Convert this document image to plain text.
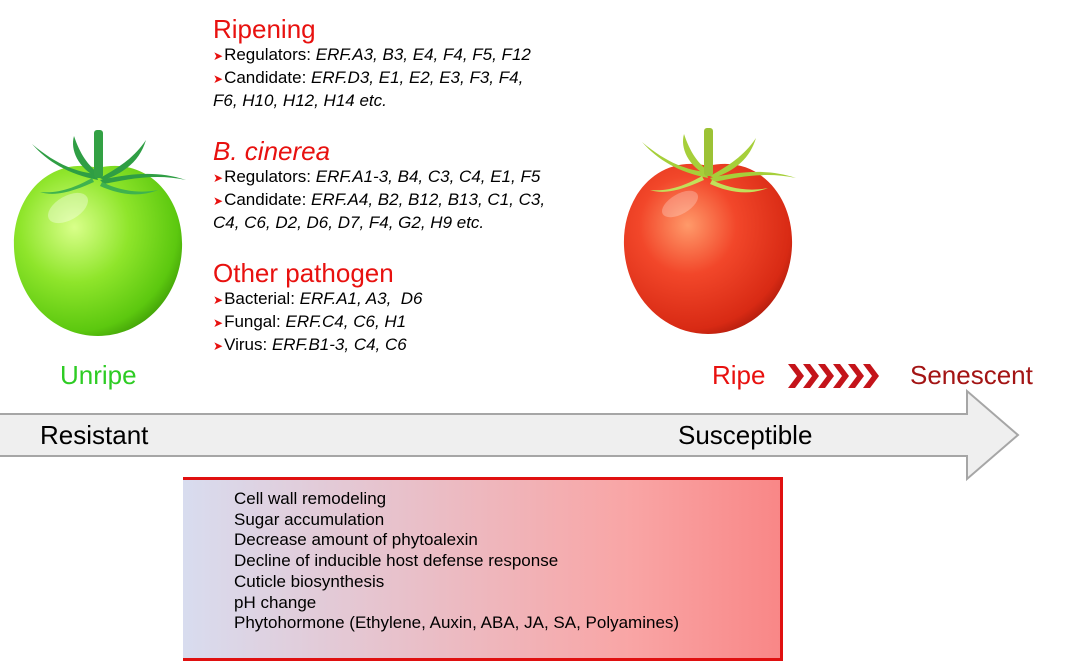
Ripening
➤Regulators: ERF.A3, B3, E4, F4, F5, F12
➤Candidate: ERF.D3, E1, E2, E3, F3, F4,
F6, H10, H12, H14 etc.
B. cinerea
➤Regulators: ERF.A1-3, B4, C3, C4, E1, F5
➤Candidate: ERF.A4, B2, B12, B13, C1, C3,
C4, C6, D2, D6, D7, F4, G2, H9 etc.
Other pathogen
➤Bacterial: ERF.A1, A3,  D6
➤Fungal: ERF.C4, C6, H1
➤Virus: ERF.B1-3, C4, C6
Unripe	Ripe	Senescent
Resistant	Susceptible
Cell wall remodeling
Sugar accumulation
Decrease amount of phytoalexin
Decline of inducible host defense response
Cuticle biosynthesis
pH change
Phytohormone (Ethylene, Auxin, ABA, JA, SA, Polyamines)
